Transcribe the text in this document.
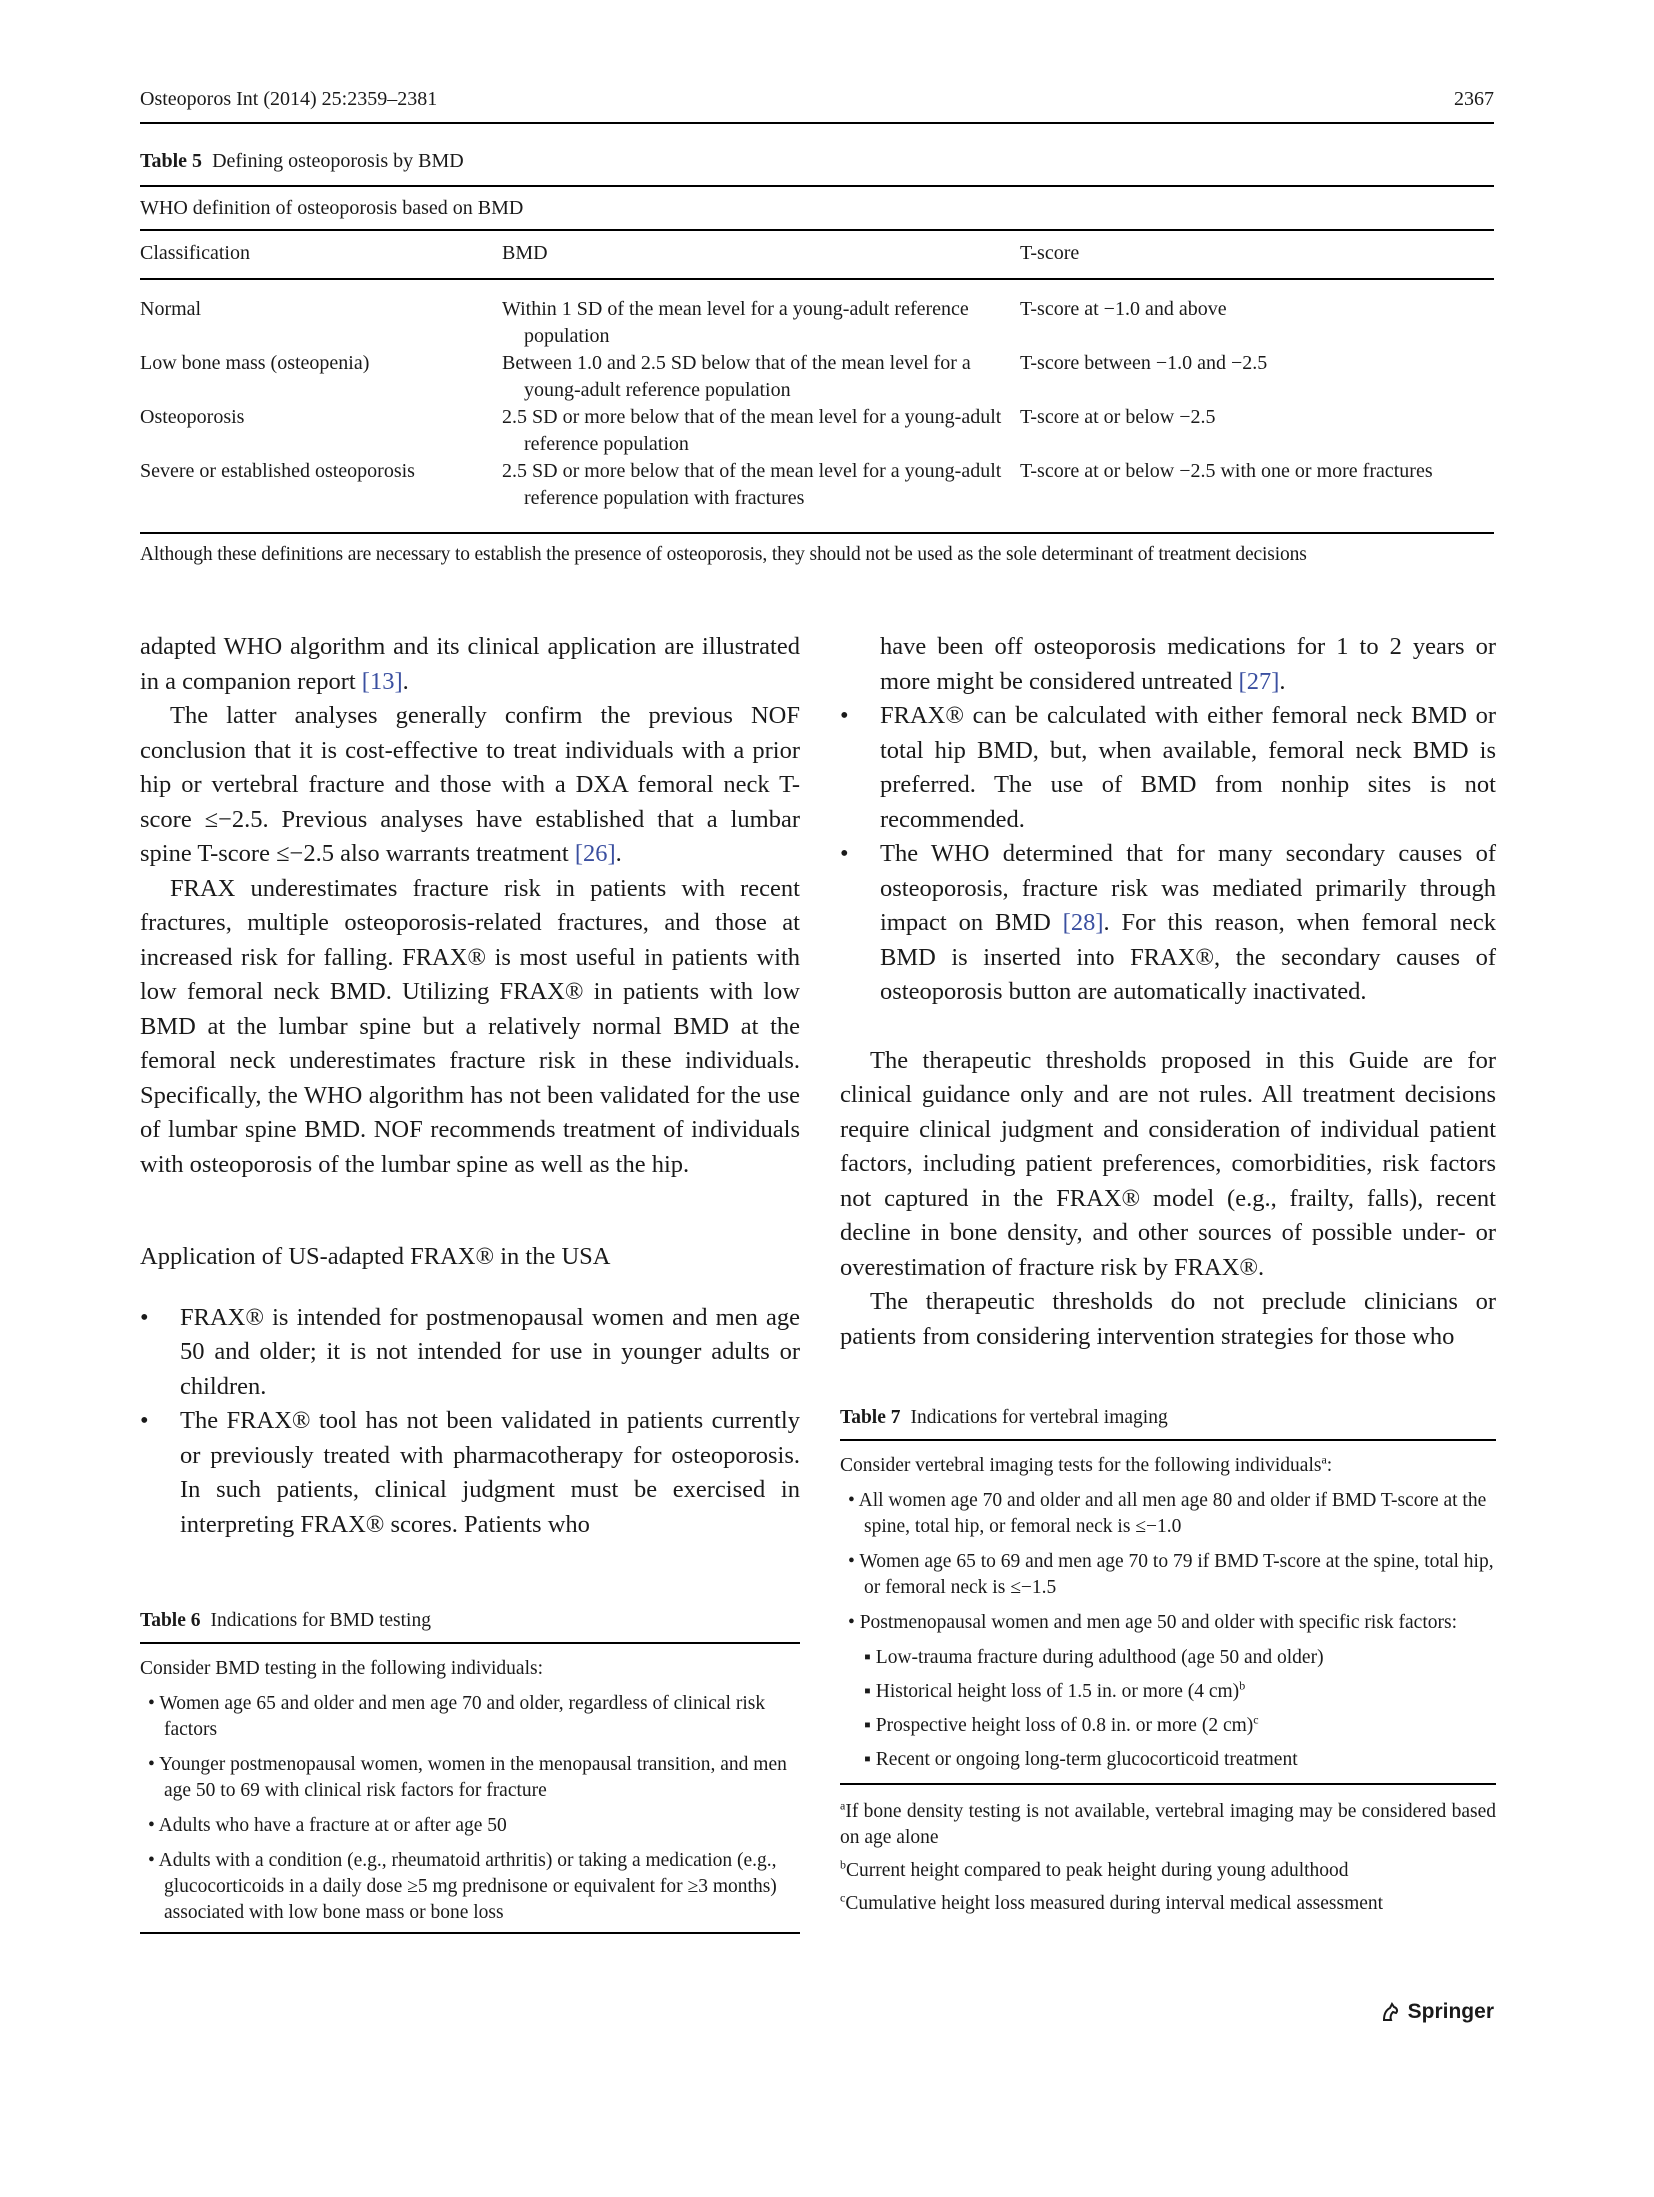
Osteoporos Int (2014) 25:2359–2381	2367
Table 5 Defining osteoporosis by BMD
WHO definition of osteoporosis based on BMD
Classification	BMD	T-score
Normal	Within 1 SD of the mean level for a young-adult reference population	T-score at −1.0 and above
Low bone mass (osteopenia)	Between 1.0 and 2.5 SD below that of the mean level for a young-adult reference population	T-score between −1.0 and −2.5
Osteoporosis	2.5 SD or more below that of the mean level for a young-adult reference population	T-score at or below −2.5
Severe or established osteoporosis	2.5 SD or more below that of the mean level for a young-adult reference population with fractures	T-score at or below −2.5 with one or more fractures
Although these definitions are necessary to establish the presence of osteoporosis, they should not be used as the sole determinant of treatment decisions

adapted WHO algorithm and its clinical application are illustrated in a companion report [13].

The latter analyses generally confirm the previous NOF conclusion that it is cost-effective to treat individuals with a prior hip or vertebral fracture and those with a DXA femoral neck T-score ≤−2.5. Previous analyses have established that a lumbar spine T-score ≤−2.5 also warrants treatment [26].

FRAX underestimates fracture risk in patients with recent fractures, multiple osteoporosis-related fractures, and those at increased risk for falling. FRAX® is most useful in patients with low femoral neck BMD. Utilizing FRAX® in patients with low BMD at the lumbar spine but a relatively normal BMD at the femoral neck underestimates fracture risk in these individuals. Specifically, the WHO algorithm has not been validated for the use of lumbar spine BMD. NOF recommends treatment of individuals with osteoporosis of the lumbar spine as well as the hip.

Application of US-adapted FRAX® in the USA
• FRAX® is intended for postmenopausal women and men age 50 and older; it is not intended for use in younger adults or children.
• The FRAX® tool has not been validated in patients currently or previously treated with pharmacotherapy for osteoporosis. In such patients, clinical judgment must be exercised in interpreting FRAX® scores. Patients who
have been off osteoporosis medications for 1 to 2 years or more might be considered untreated [27].
• FRAX® can be calculated with either femoral neck BMD or total hip BMD, but, when available, femoral neck BMD is preferred. The use of BMD from nonhip sites is not recommended.
• The WHO determined that for many secondary causes of osteoporosis, fracture risk was mediated primarily through impact on BMD [28]. For this reason, when femoral neck BMD is inserted into FRAX®, the secondary causes of osteoporosis button are automatically inactivated.

The therapeutic thresholds proposed in this Guide are for clinical guidance only and are not rules. All treatment decisions require clinical judgment and consideration of individual patient factors, including patient preferences, comorbidities, risk factors not captured in the FRAX® model (e.g., frailty, falls), recent decline in bone density, and other sources of possible under- or overestimation of fracture risk by FRAX®.

The therapeutic thresholds do not preclude clinicians or patients from considering intervention strategies for those who

Table 6 Indications for BMD testing
Consider BMD testing in the following individuals:
• Women age 65 and older and men age 70 and older, regardless of clinical risk factors
• Younger postmenopausal women, women in the menopausal transition, and men age 50 to 69 with clinical risk factors for fracture
• Adults who have a fracture at or after age 50
• Adults with a condition (e.g., rheumatoid arthritis) or taking a medication (e.g., glucocorticoids in a daily dose ≥5 mg prednisone or equivalent for ≥3 months) associated with low bone mass or bone loss
Table 7 Indications for vertebral imaging
Consider vertebral imaging tests for the following individuals$^a$:
• All women age 70 and older and all men age 80 and older if BMD T-score at the spine, total hip, or femoral neck is ≤−1.0
• Women age 65 to 69 and men age 70 to 79 if BMD T-score at the spine, total hip, or femoral neck is ≤−1.5
• Postmenopausal women and men age 50 and older with specific risk factors:
▪ Low-trauma fracture during adulthood (age 50 and older)
▪ Historical height loss of 1.5 in. or more (4 cm)$^b$
▪ Prospective height loss of 0.8 in. or more (2 cm)$^c$
▪ Recent or ongoing long-term glucocorticoid treatment
$^a$If bone density testing is not available, vertebral imaging may be considered based on age alone
$^b$Current height compared to peak height during young adulthood
$^c$Cumulative height loss measured during interval medical assessment
Springer
